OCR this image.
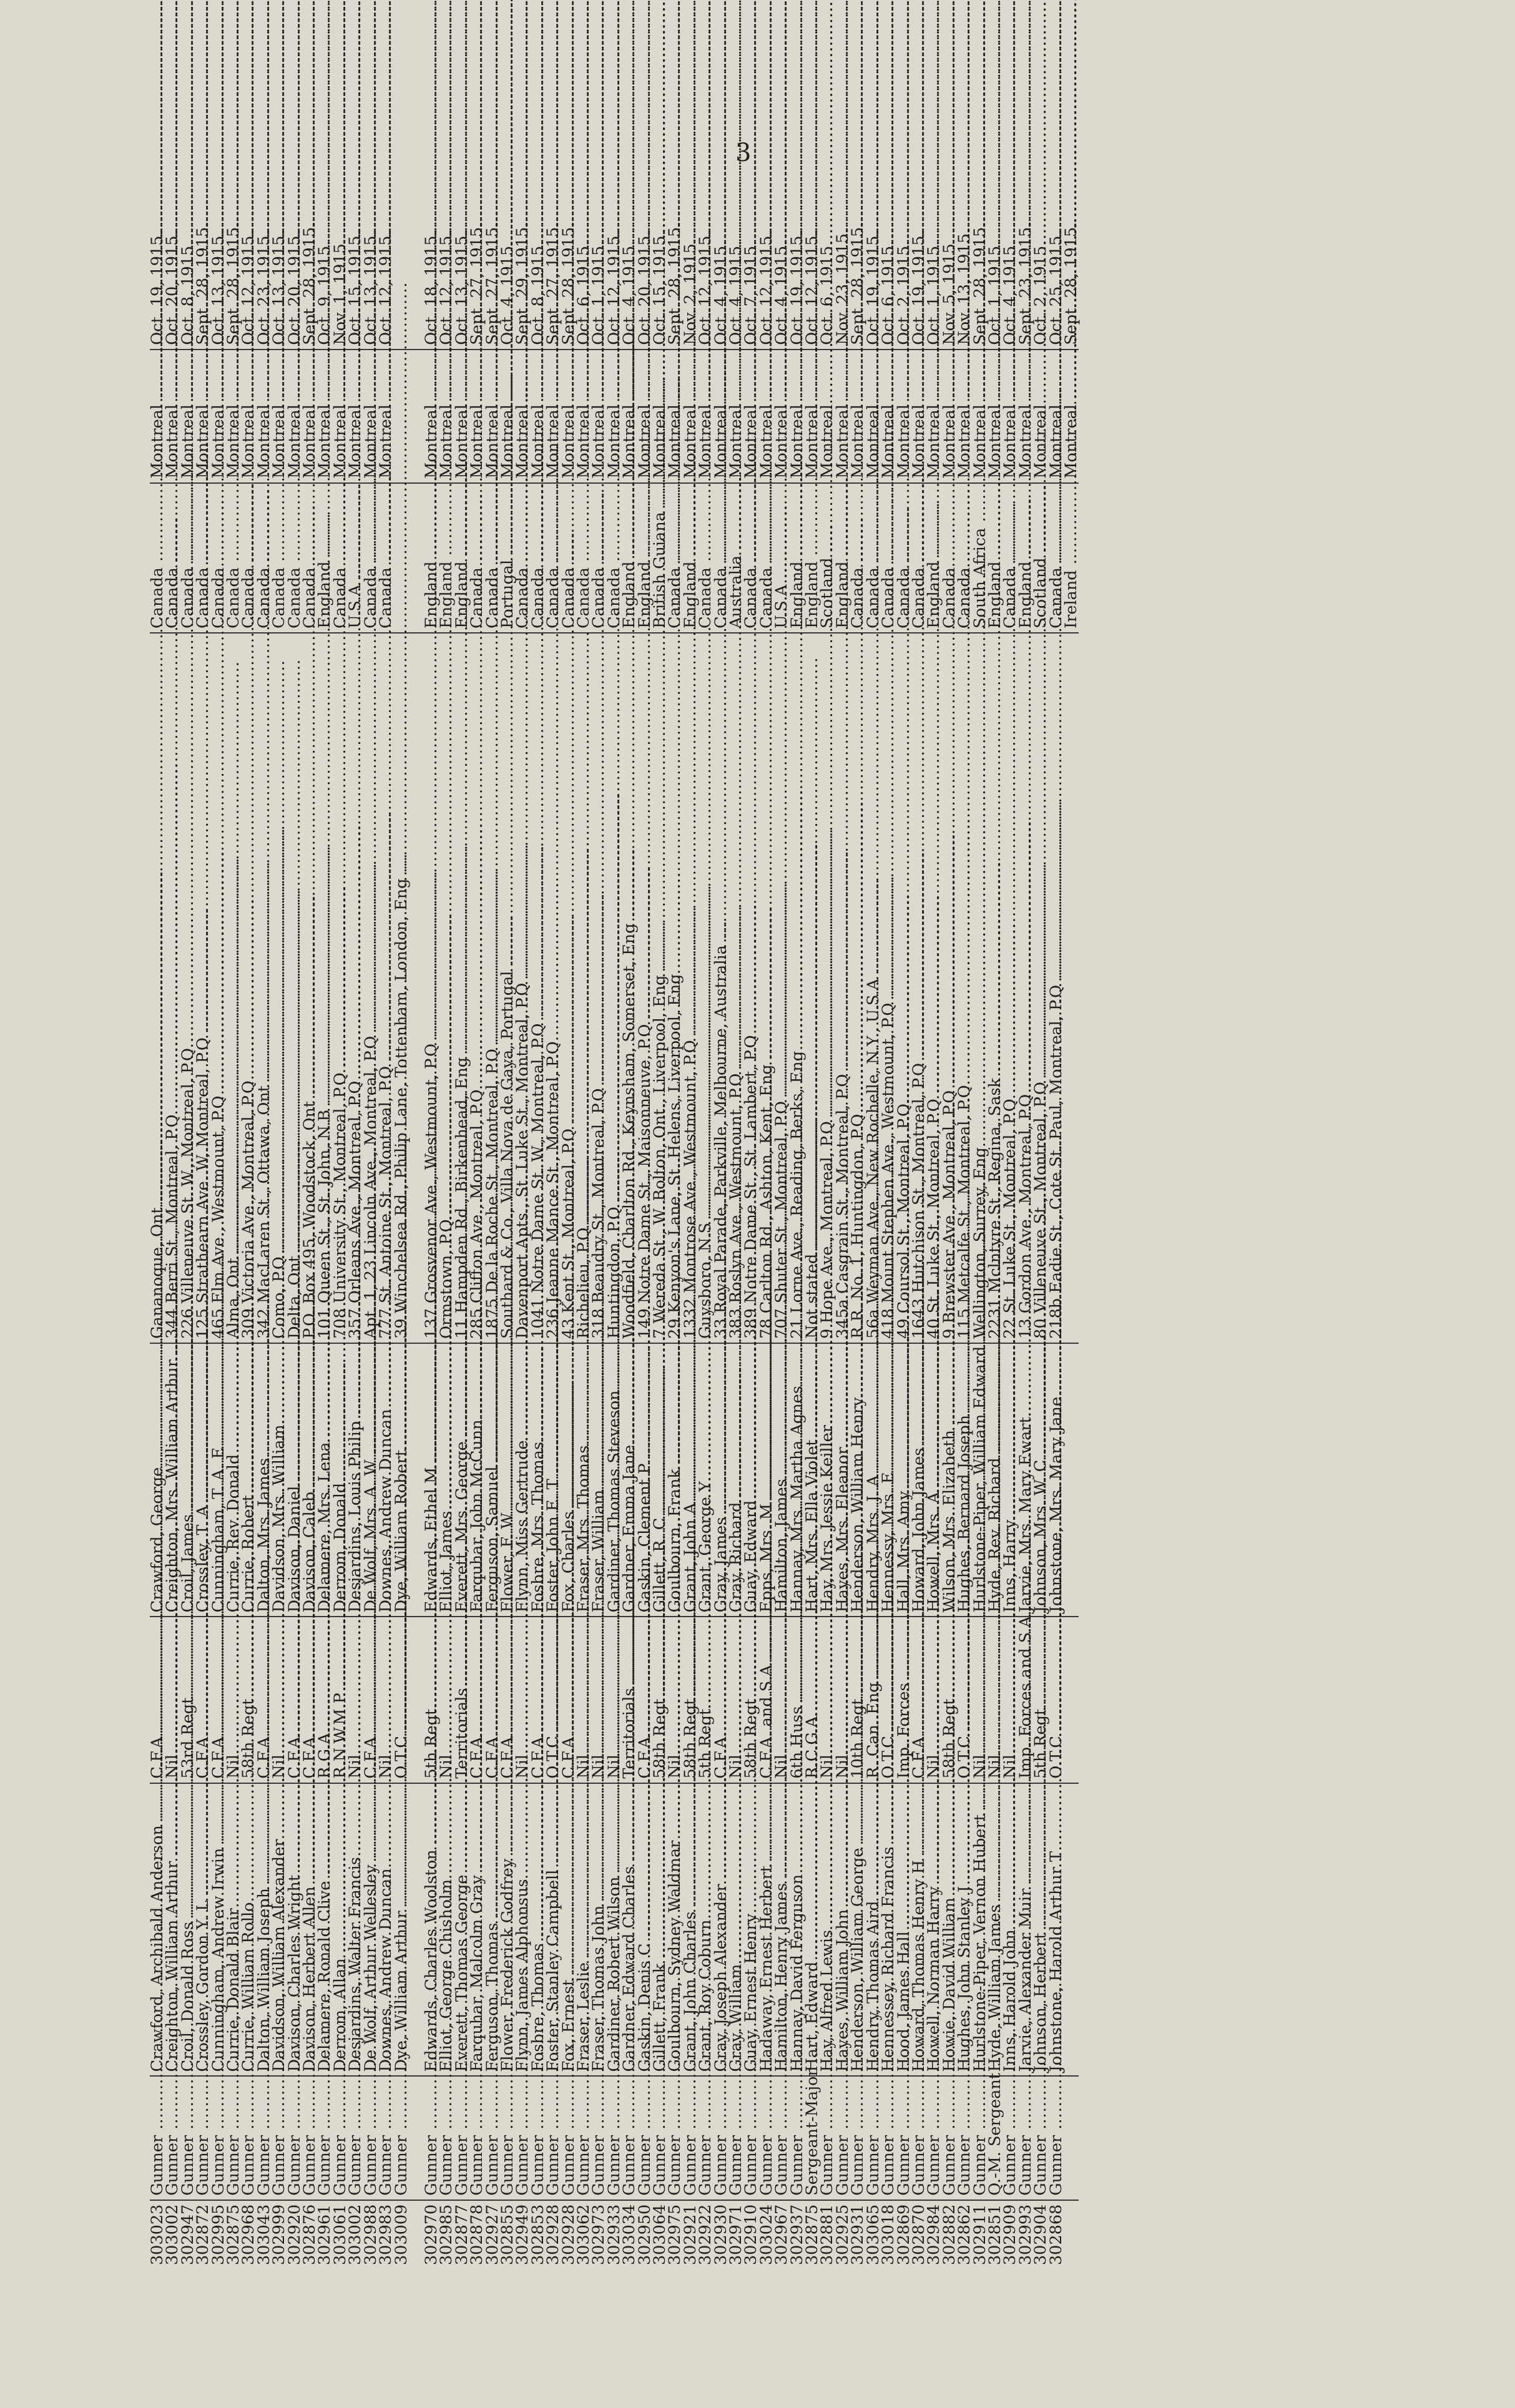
3
303023	Gunner .....	Crawford, Archibald Anderson .....	C.F.A .....	Crawford, George .....	Gananoque, Ont .....	Canada .....	Montreal .....	Oct. 19, 1915.
303002	Gunner .....	Creighton, William Arthur .....	Nil .....	Creighton, Mrs. William Arthur .....	344 Berri St., Montreal, P.Q .....	Canada .....	Montreal .....	Oct. 20, 1915.
302947	Gunner .....	Croil, Donald Ross .....	53rd Regt .....	Croil, James .....	226 Villeneuve St. W., Montreal, P.Q .....	Canada .....	Montreal .....	Oct. 8, 1915.
302872	Gunner .....	Crossley, Gordon Y. L .....	C.F.A .....	Crossley, T. A .....	125 Strathearn Ave. W, Montreal, P.Q .....	Canada .....	Montreal .....	Sept. 28, 1915.
302995	Gunner .....	Cunningham, Andrew Irwin .....	C.F.A .....	Cunningham, T. A. E .....	465 Elm Ave., Westmount, P.Q .....	Canada .....	Montreal .....	Oct. 13, 1915.
302875	Gunner .....	Currie, Donald Blair .....	Nil .....	Currie, Rev. Donald .....	Alma, Ont .....	Canada .....	Montreal .....	Sept. 28, 1915.
302968	Gunner .....	Currie, William Rollo .....	58th Regt .....	Currie, Robert .....	309 Victoria Ave., Montreal, P.Q .....	Canada .....	Montreal .....	Oct. 12, 1915.
303043	Gunner .....	Dalton, William Joseph .....	C.F.A .....	Dalton, Mrs. James .....	342 MacLaren St., Ottawa, Ont .....	Canada .....	Montreal .....	Oct. 23, 1915.
302999	Gunner .....	Davidson, William Alexander .....	Nil .....	Davidson, Mrs. William .....	Como, P.Q .....	Canada .....	Montreal .....	Oct. 13, 1915.
302920	Gunner .....	Davison, Charles Wright .....	C.F.A .....	Davison, Daniel .....	Delta, Ont .....	Canada .....	Montreal .....	Oct. 20, 1915.
302876	Gunner .....	Davison, Herbert Allen .....	C.F.A .....	Davison, Caleb .....	P.O. Box 495, Woodstock, Ont .....	Canada .....	Montreal .....	Sept. 28, 1915.
302961	Gunner .....	Delamere, Ronald Clive .....	R.G.A .....	Delamere, Mrs. Lena .....	101 Queen St., St. John, N.B .....	England .....	Montreal .....	Oct. 9, 1915.
303061	Gunner .....	Derrom, Allan .....	R.N.W.M.P .....	Derrom, Donald .....	708 University St., Montreal, P.Q .....	Canada .....	Montreal .....	Nov. 1, 1915.
303002	Gunner .....	Desjardins, Walter Francis .....	Nil .....	Desjardins, Louis Philip .....	357 Orleans Ave., Montreal, P.Q .....	U.S.A .....	Montreal .....	Oct. 15, 1915.
302988	Gunner .....	De Wolf, Arthur Wellesley .....	C.F.A .....	De Wolf, Mrs. A. W .....	Apt. 1, 23 Lincoln Ave., Montreal, P.Q .....	Canada .....	Montreal .....	Oct. 13, 1915.
302983	Gunner .....	Downes, Andrew Duncan .....	Nil .....	Downes, Andrew Duncan .....	777 St. Antoine St., Montreal, P.Q .....	Canada .....	Montreal .....	Oct. 12, 1915.
303009	Gunner .....	Dye, William Arthur .....	O.T.C .....	Dye, William Robert .....	39 Winchelsea Rd., Philip Lane, Tottenham, London, Eng .....			

302970	Gunner .....	Edwards, Charles Woolston .....	5th Regt .....	Edwards, Ethel M .....	137 Grosvenor Ave., Westmount, P.Q .....	England .....	Montreal .....	Oct. 18, 1915.
302985	Gunner .....	Elliot, George Chisholm .....	Nil .....	Elliot, James .....	Ormstown, P.Q .....	England .....	Montreal .....	Oct. 12, 1915.
302877	Gunner .....	Everett, Thomas George .....	Territorials .....	Everett, Mrs. George .....	11 Hampden Rd., Birkenhead, Eng .....	England .....	Montreal .....	Oct. 13, 1915.
302878	Gunner .....	Farquhar, Malcolm Gray .....	C.F.A .....	Farquhar, John McCunn .....	285 Clifton Ave., Montreal, P.Q .....	Canada .....	Montreal .....	Sept. 27, 1915.
302927	Gunner .....	Ferguson, Thomas .....	C.F.A .....	Ferguson, Samuel .....	1875 De la Roche St., Montreal, P.Q .....	Canada .....	Montreal .....	Sept. 27, 1915.
302855	Gunner .....	Flower, Frederick Godfrey .....	C.F.A .....	Flower, F. W .....	Southard & Co., Villa Nova de Gaya, Portugal .....	Portugal .....	Montreal .....	Oct. 4, 1915.
302949	Gunner .....	Flynn, James Alphonsus .....	Nil .....	Flynn, Miss Gertrude .....	Davenport Apts., St. Luke St., Montreal, P.Q .....	Canada .....	Montreal .....	Sept. 29, 1915.
302853	Gunner .....	Fosbre, Thomas .....	C.F.A .....	Fosbre, Mrs. Thomas .....	1041 Notre Dame St. W., Montreal, P.Q .....	Canada .....	Montreal .....	Oct. 8, 1915.
302928	Gunner .....	Foster, Stanley Campbell .....	O.T.C .....	Foster, John E. T .....	236 Jeanne Mance St., Montreal, P.Q .....	Canada .....	Montreal .....	Sept. 27, 1915.
302928	Gunner .....	Fox, Ernest .....	C.F.A .....	Fox, Charles .....	43 Kent St., Montreal, P.Q .....	Canada .....	Montreal .....	Sept. 28, 1915.
303062	Gunner .....	Fraser, Leslie .....	Nil .....	Fraser, Mrs. Thomas .....	Richelieu, P.Q .....	Canada .....	Montreal .....	Oct. 6, 1915.
302973	Gunner .....	Fraser, Thomas John .....	Nil .....	Fraser, William .....	318 Beaudry St., Montreal, P.Q .....	Canada .....	Montreal .....	Oct. 1, 1915.
302933	Gunner .....	Gardiner, Robert Wilson .....	Nil .....	Gardiner, Thomas Steveson .....	Huntingdon, P.Q .....	Canada .....	Montreal .....	Oct. 12, 1915.
303034	Gunner .....	Gardner, Edward Charles .....	Territorials .....	Gardner, Emma Jane .....	Woodfield, Charlton Rd., Keynsham, Somerset, Eng .....	England .....	Montreal .....	Oct. 4, 1915.
302950	Gunner .....	Gaskin, Denis C .....	C.F.A .....	Gaskin, Clement P .....	149 Notre Dame St., Maisonneuve, P.Q .....	England .....	Montreal .....	Oct. 20, 1915.
303064	Gunner .....	Gillett, Frank .....	58th Regt .....	Gillett, R. C .....	7 Wereda St., W. Bolton, Ont., Liverpool, Eng .....	British Guiana .....	Montreal .....	Oct. 15, 1915.
302975	Gunner .....	Goulbourn, Sydney Waldmar .....	Nil .....	Goulbourn, Frank .....	29 Kenyon's Lane, St. Helens, Liverpool, Eng .....	Canada .....	Montreal .....	Sept. 28, 1915.
302921	Gunner .....	Grant, John Charles .....	58th Regt .....	Grant, John A .....	1332 Montrose Ave., Westmount, P.Q .....	England .....	Montreal .....	Nov. 2, 1915.
302922	Gunner .....	Grant, Roy Coburn .....	5th Regt .....	Grant, George Y .....	Guysboro, N.S .....	Canada .....	Montreal .....	Oct. 12, 1915.
302930	Gunner .....	Gray, Joseph Alexander .....	C.F.A .....	Gray, James .....	33 Royal Parade, Parkville, Melbourne, Australia .....	Canada .....	Montreal .....	Oct. 4, 1915.
302971	Gunner .....	Gray, William .....	Nil .....	Gray, Richard .....	383 Roslyn Ave., Westmount, P.Q .....	Australia .....	Montreal .....	Oct. 4, 1915.
302910	Gunner .....	Guay, Ernest Henry .....	58th Regt .....	Guay, Edward .....	389 Notre Dame St., St. Lambert, P.Q .....	Canada .....	Montreal .....	Oct. 7, 1915.
303024	Gunner .....	Hadaway, Ernest Herbert .....	C.F.A. and S.A .....	Epps, Mrs. M .....	78 Carlton Rd., Ashton, Kent, Eng .....	Canada .....	Montreal .....	Oct. 12, 1915.
302967	Gunner .....	Hamilton, Henry James .....	Nil .....	Hamilton, James .....	707 Shuter St., Montreal, P.Q .....	U.S.A .....	Montreal .....	Oct. 4, 1915.
302937	Gunner .....	Hannay, David Ferguson .....	6th Huss .....	Hannay, Mrs. Martha Agnes .....	21 Lorne Ave., Reading, Berks, Eng .....	England .....	Montreal .....	Oct. 19, 1915.
302875	Sergeant-Major .....	Hart, Edward .....	R.C.G.A .....	Hart, Mrs. Ella Violet .....	Not stated .....	England .....	Montreal .....	Oct. 12, 1915.
302881	Gunner .....	Hay, Alfred Lewis .....	Nil .....	Hay, Mrs. Jessie Keiller .....	9 Hope Ave., Montreal, P.Q .....	Scotland .....	Montreal .....	Oct. 6, 1915.
302925	Gunner .....	Hayes, William John .....	Nil .....	Hayes, Mrs. Eleanor .....	345a Casgrain St., Montreal, P.Q .....	England .....	Montreal .....	Nov. 23, 1915.
302931	Gunner .....	Henderson, William George .....	10th Regt .....	Henderson, William Henry .....	R.R. No. 1, Huntingdon, P.Q .....	Canada .....	Montreal .....	Sept. 28, 1915.
303065	Gunner .....	Hendry, Thomas Aird .....	R. Can. Eng .....	Hendry, Mrs. J. A .....	56a Weyman Ave., New Rochelle, N.Y., U.S.A .....	Canada .....	Montreal .....	Oct. 19, 1915.
303018	Gunner .....	Hennessey, Richard Francis .....	O.T.C .....	Hennessy, Mrs. E .....	418 Mount Stephen Ave., Westmount, P.Q .....	Canada .....	Montreal .....	Oct. 6, 1915.
302869	Gunner .....	Hood, James Hall .....	Imp. Forces .....	Hall, Mrs. Amy .....	49 Coursol St., Montreal, P.Q .....	Canada .....	Montreal .....	Oct. 2, 1915.
302870	Gunner .....	Howard, Thomas Henry H .....	C.F.A .....	Howard, John James .....	1643 Hutchison St., Montreal, P.Q .....	Canada .....	Montreal .....	Oct. 19, 1915.
302984	Gunner .....	Howell, Norman Harry .....	Nil .....	Howell, Mrs. A .....	40 St. Luke St., Montreal, P.Q .....	England .....	Montreal .....	Oct. 1, 1915.
302882	Gunner .....	Howie, David William .....	58th Regt .....	Wilson, Mrs. Elizabeth .....	9 Brewster Ave., Montreal, P.Q .....	Canada .....	Montreal .....	Nov. 5, 1915.
302862	Gunner .....	Hughes, John Stanley J .....	O.T.C .....	Hughes, Bernard Joseph .....	115 Metcalfe St., Montreal, P.Q .....	Canada .....	Montreal .....	Nov. 13, 1915.
302911	Gunner .....	Hurlstone-Piper, Vernon Hubert .....	Nil .....	Hurlstone-Piper, William Edward .....	Wellington, Surrey, Eng .....	South Africa .....	Montreal .....	Sept. 28, 1915.
302851	Q.-M. Sergeant .....	Hyde, William James .....	Nil .....	Hyde, Rev. Richard .....	2231 Mclntyre St., Regina, Sask .....	England .....	Montreal .....	Oct. 1, 1915.
302909	Gunner .....	Inns, Harold John .....	Nil .....	Inns, Harry .....	22 St. Luke St., Montreal, P.Q .....	Canada .....	Montreal .....	Oct. 4, 1915.
302993	Gunner .....	Jarvie, Alexander Muir .....	Imp. Forces and S.A .....	Jarvie, Mrs. Mary Ewart .....	13 Gordon Ave., Montreal, P.Q .....	England .....	Montreal .....	Sept. 23, 1915.
302904	Gunner .....	Johnson, Herbert .....	5th Regt .....	Johnson, Mrs. W. C .....	80 Villeneuve St., Montreal, P.Q .....	Scotland .....	Montreal .....	Oct. 2, 1915.
302868	Gunner .....	Johnstone, Harold Arthur T .....	O.T.C .....	Johnstone, Mrs. Mary Jane .....	218b Eadie St., Cote St. Paul, Montreal, P.Q .....	Canada .....	Montreal .....	Oct. 25, 1915.
						Ireland .....	Montreal .....	Sept. 28, 1915.
